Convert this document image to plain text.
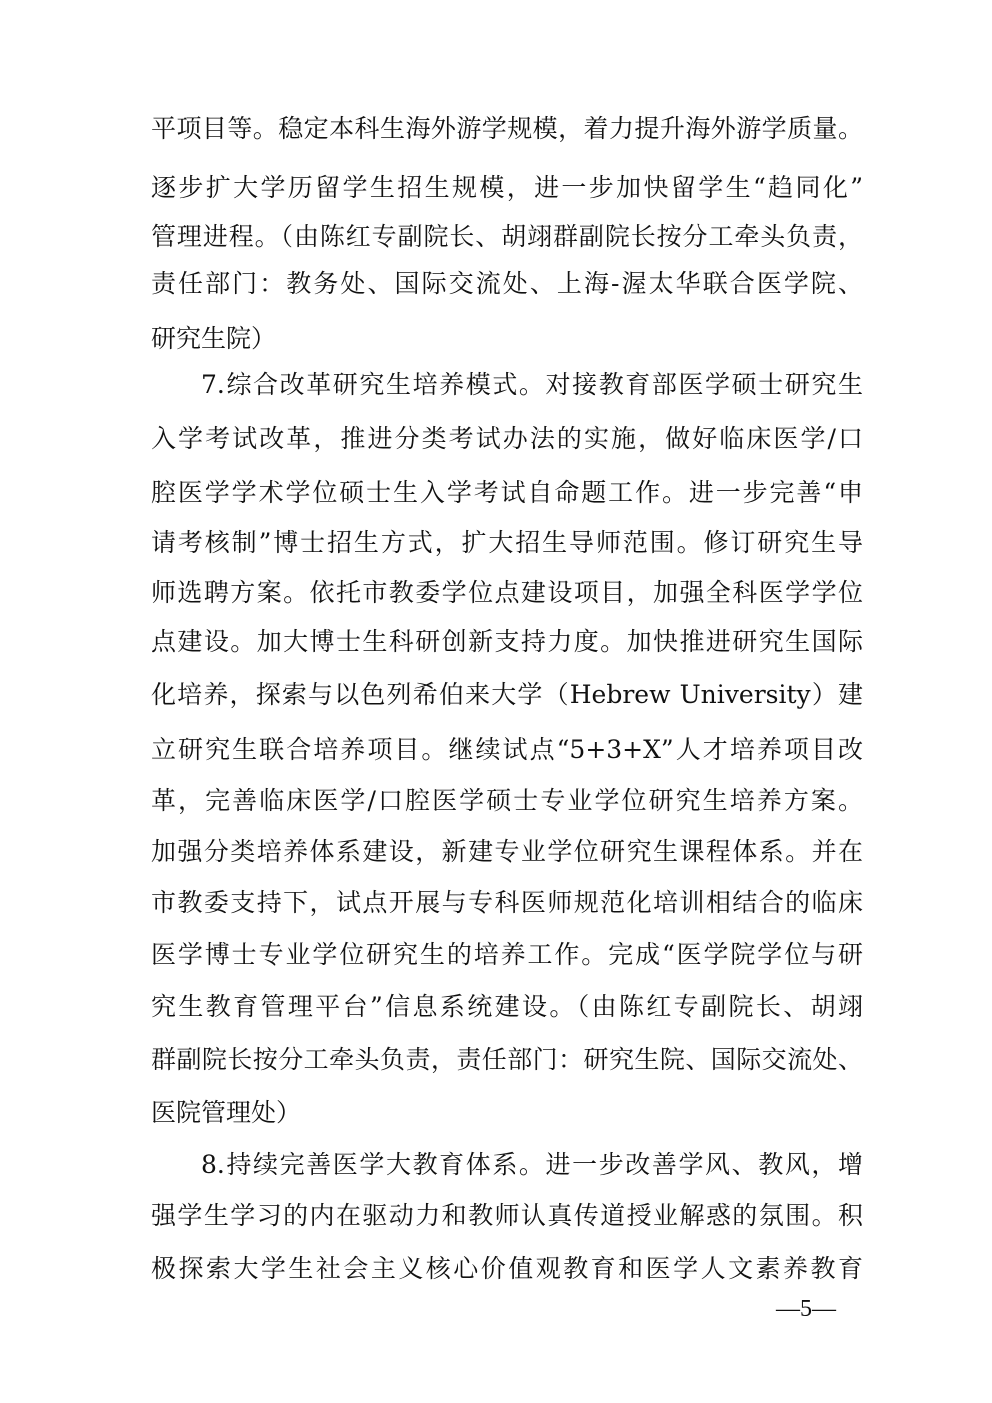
平项目等。稳定本科生海外游学规模，着力提升海外游学质量。
逐步扩大学历留学生招生规模，进一步加快留学生“趋同化”
管理进程。（由陈红专副院长、胡翊群副院长按分工牵头负责，
责任部门：教务处、国际交流处、上海-渥太华联合医学院、
研究生院）
7.综合改革研究生培养模式。对接教育部医学硕士研究生
入学考试改革，推进分类考试办法的实施，做好临床医学/口
腔医学学术学位硕士生入学考试自命题工作。进一步完善“申
请考核制”博士招生方式，扩大招生导师范围。修订研究生导
师选聘方案。依托市教委学位点建设项目，加强全科医学学位
点建设。加大博士生科研创新支持力度。加快推进研究生国际
化培养，探索与以色列希伯来大学（Hebrew University）建
立研究生联合培养项目。继续试点“5+3+X”人才培养项目改
革，完善临床医学/口腔医学硕士专业学位研究生培养方案。
加强分类培养体系建设，新建专业学位研究生课程体系。并在
市教委支持下，试点开展与专科医师规范化培训相结合的临床
医学博士专业学位研究生的培养工作。完成“医学院学位与研
究生教育管理平台”信息系统建设。（由陈红专副院长、胡翊
群副院长按分工牵头负责，责任部门：研究生院、国际交流处、
医院管理处）
8.持续完善医学大教育体系。进一步改善学风、教风，增
强学生学习的内在驱动力和教师认真传道授业解惑的氛围。积
极探索大学生社会主义核心价值观教育和医学人文素养教育
—5—
